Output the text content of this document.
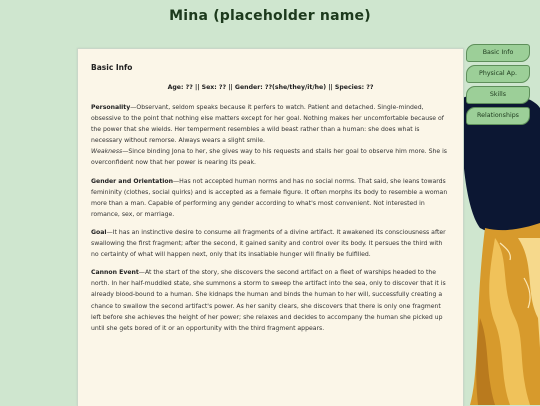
Mina (placeholder name)
Basic Info
Age: ?? || Sex: ?? || Gender: ??(she/they/it/he) || Species: ??

Personality—Observant, seldom speaks because it perfers to watch. Patient and detached. Single-minded, obsessive to the point that nothing else matters except for her goal. Nothing makes her uncomfortable because of the power that she wields. Her temperment resembles a wild beast rather than a human: she does what is necessary without remorse. Always wears a slight smile.
Weakness—Since binding Jona to her, she gives way to his requests and stalls her goal to observe him more. She is overconfident now that her power is nearing its peak.

Gender and Orientation—Has not accepted human norms and has no social norms. That said, she leans towards femininity (clothes, social quirks) and is accepted as a female figure. It often morphs its body to resemble a woman more than a man. Capable of performing any gender according to what's most convenient. Not interested in romance, sex, or marriage.

Goal—It has an instinctive desire to consume all fragments of a divine artifact. It awakened its consciousness after swallowing the first fragment; after the second, it gained sanity and control over its body. It persues the third with no certainty of what will happen next, only that its insatiable hunger will finally be fulfilled.

Cannon Event—At the start of the story, she discovers the second artifact on a fleet of warships headed to the north. In her half-muddled state, she summons a storm to sweep the artifact into the sea, only to discover that it is already blood-bound to a human. She kidnaps the human and binds the human to her will, successfully creating a chance to swallow the second artifact's power. As her sanity clears, she discovers that there is only one fragment left before she achieves the height of her power; she relaxes and decides to accompany the human she picked up until she gets bored of it or an opportunity with the third fragment appears.

Basic Info
Physical Ap.
Skills
Relationships
